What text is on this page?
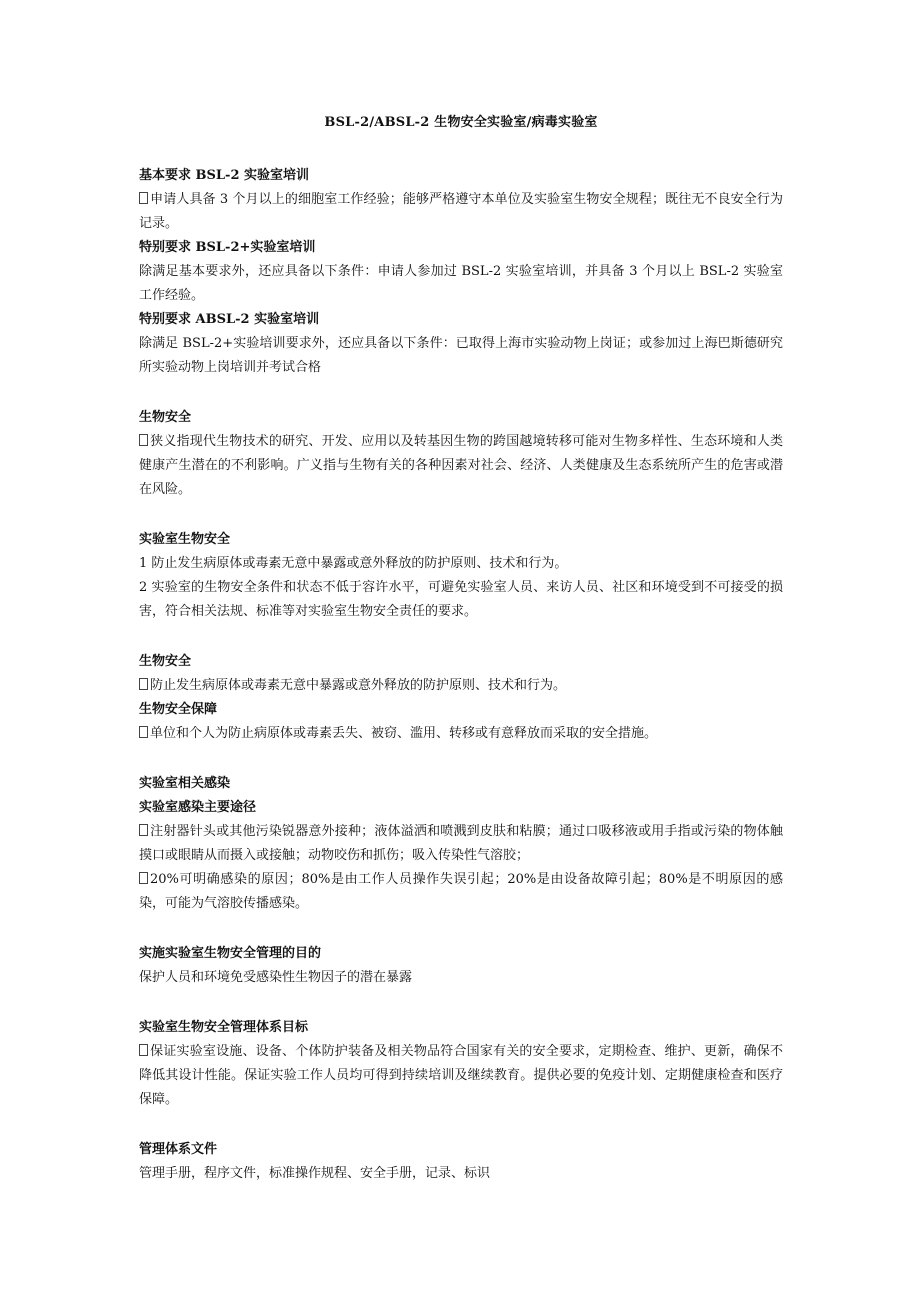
BSL-2/ABSL-2 生物安全实验室/病毒实验室
基本要求 BSL-2 实验室培训
申请人具备 3 个月以上的细胞室工作经验；能够严格遵守本单位及实验室生物安全规程；既往无不良安全行为记录。
特别要求 BSL-2+实验室培训
除满足基本要求外，还应具备以下条件：申请人参加过 BSL-2 实验室培训，并具备 3 个月以上 BSL-2 实验室工作经验。
特别要求 ABSL-2 实验室培训
除满足 BSL-2+实验培训要求外，还应具备以下条件：已取得上海市实验动物上岗证；或参加过上海巴斯德研究所实验动物上岗培训并考试合格
生物安全
狭义指现代生物技术的研究、开发、应用以及转基因生物的跨国越境转移可能对生物多样性、生态环境和人类健康产生潜在的不利影响。广义指与生物有关的各种因素对社会、经济、人类健康及生态系统所产生的危害或潜在风险。
实验室生物安全
1 防止发生病原体或毒素无意中暴露或意外释放的防护原则、技术和行为。
2 实验室的生物安全条件和状态不低于容许水平，可避免实验室人员、来访人员、社区和环境受到不可接受的损害，符合相关法规、标准等对实验室生物安全责任的要求。
生物安全
防止发生病原体或毒素无意中暴露或意外释放的防护原则、技术和行为。
生物安全保障
单位和个人为防止病原体或毒素丢失、被窃、滥用、转移或有意释放而采取的安全措施。
实验室相关感染
实验室感染主要途径
注射器针头或其他污染锐器意外接种；液体溢洒和喷溅到皮肤和粘膜；通过口吸移液或用手指或污染的物体触摸口或眼睛从而摄入或接触；动物咬伤和抓伤；吸入传染性气溶胶；
20%可明确感染的原因；80%是由工作人员操作失误引起；20%是由设备故障引起；80%是不明原因的感染，可能为气溶胶传播感染。
实施实验室生物安全管理的目的
保护人员和环境免受感染性生物因子的潜在暴露
实验室生物安全管理体系目标
保证实验室设施、设备、个体防护装备及相关物品符合国家有关的安全要求，定期检查、维护、更新，确保不降低其设计性能。保证实验工作人员均可得到持续培训及继续教育。提供必要的免疫计划、定期健康检查和医疗保障。
管理体系文件
管理手册，程序文件，标准操作规程、安全手册，记录、标识
